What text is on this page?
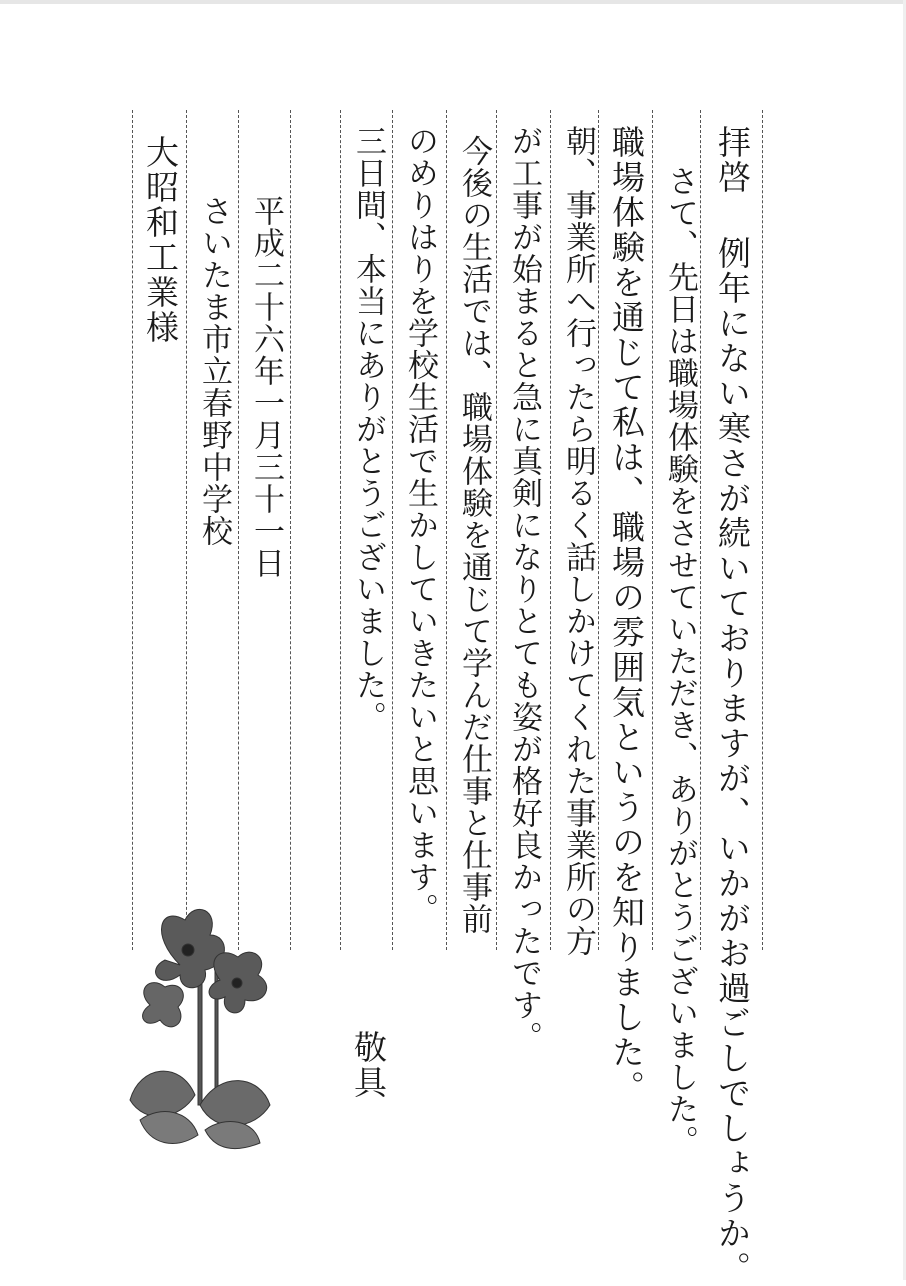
拝啓 例年にない寒さが続いておりますが、いかがお過ごしでしょうか。
さて、先日は職場体験をさせていただき、ありがとうございました。
職場体験を通じて私は、職場の雰囲気というのを知りました。
朝、事業所へ行ったら明るく話しかけてくれた事業所の方
が工事が始まると急に真剣になりとても姿が格好良かったです。
今後の生活では、職場体験を通じて学んだ仕事と仕事前
のめりはりを学校生活で生かしていきたいと思います。
三日間、本当にありがとうございました。
敬具
平成二十六年一月三十一日
さいたま市立春野中学校
大昭和工業様
